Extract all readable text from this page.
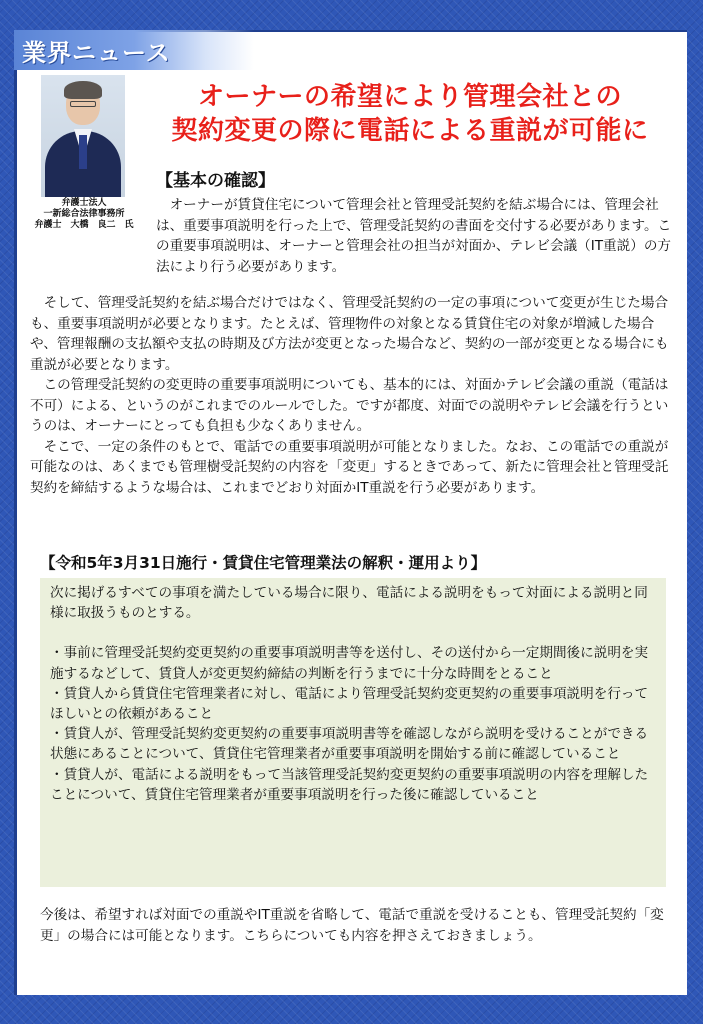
業界ニュース
弁護士法人
一新総合法律事務所
弁護士　大橋　良二　氏
オーナーの希望により管理会社との
契約変更の際に電話による重説が可能に
【基本の確認】
　オーナーが賃貸住宅について管理会社と管理受託契約を結ぶ場合には、管理会社は、重要事項説明を行った上で、管理受託契約の書面を交付する必要があります。この重要事項説明は、オーナーと管理会社の担当が対面か、テレビ会議（IT重説）の方法により行う必要があります。

　そして、管理受託契約を結ぶ場合だけではなく、管理受託契約の一定の事項について変更が生じた場合も、重要事項説明が必要となります。たとえば、管理物件の対象となる賃貸住宅の対象が増減した場合や、管理報酬の支払額や支払の時期及び方法が変更となった場合など、契約の一部が変更となる場合にも重説が必要となります。

　この管理受託契約の変更時の重要事項説明についても、基本的には、対面かテレビ会議の重説（電話は不可）による、というのがこれまでのルールでした。ですが都度、対面での説明やテレビ会議を行うというのは、オーナーにとっても負担も少なくありません。

　そこで、一定の条件のもとで、電話での重要事項説明が可能となりました。なお、この電話での重説が可能なのは、あくまでも管理樹受託契約の内容を「変更」するときであって、新たに管理会社と管理受託契約を締結するような場合は、これまでどおり対面かIT重説を行う必要があります。

【令和5年3月31日施行・賃貸住宅管理業法の解釈・運用より】

次に掲げるすべての事項を満たしている場合に限り、電話による説明をもって対面による説明と同様に取扱うものとする。

・事前に管理受託契約変更契約の重要事項説明書等を送付し、その送付から一定期間後に説明を実施するなどして、賃貸人が変更契約締結の判断を行うまでに十分な時間をとること

・賃貸人から賃貸住宅管理業者に対し、電話により管理受託契約変更契約の重要事項説明を行ってほしいとの依頼があること

・賃貸人が、管理受託契約変更契約の重要事項説明書等を確認しながら説明を受けることができる状態にあることについて、賃貸住宅管理業者が重要事項説明を開始する前に確認していること

・賃貸人が、電話による説明をもって当該管理受託契約変更契約の重要事項説明の内容を理解したことについて、賃貸住宅管理業者が重要事項説明を行った後に確認していること

今後は、希望すれば対面での重説やIT重説を省略して、電話で重説を受けることも、管理受託契約「変更」の場合には可能となります。こちらについても内容を押さえておきましょう。
